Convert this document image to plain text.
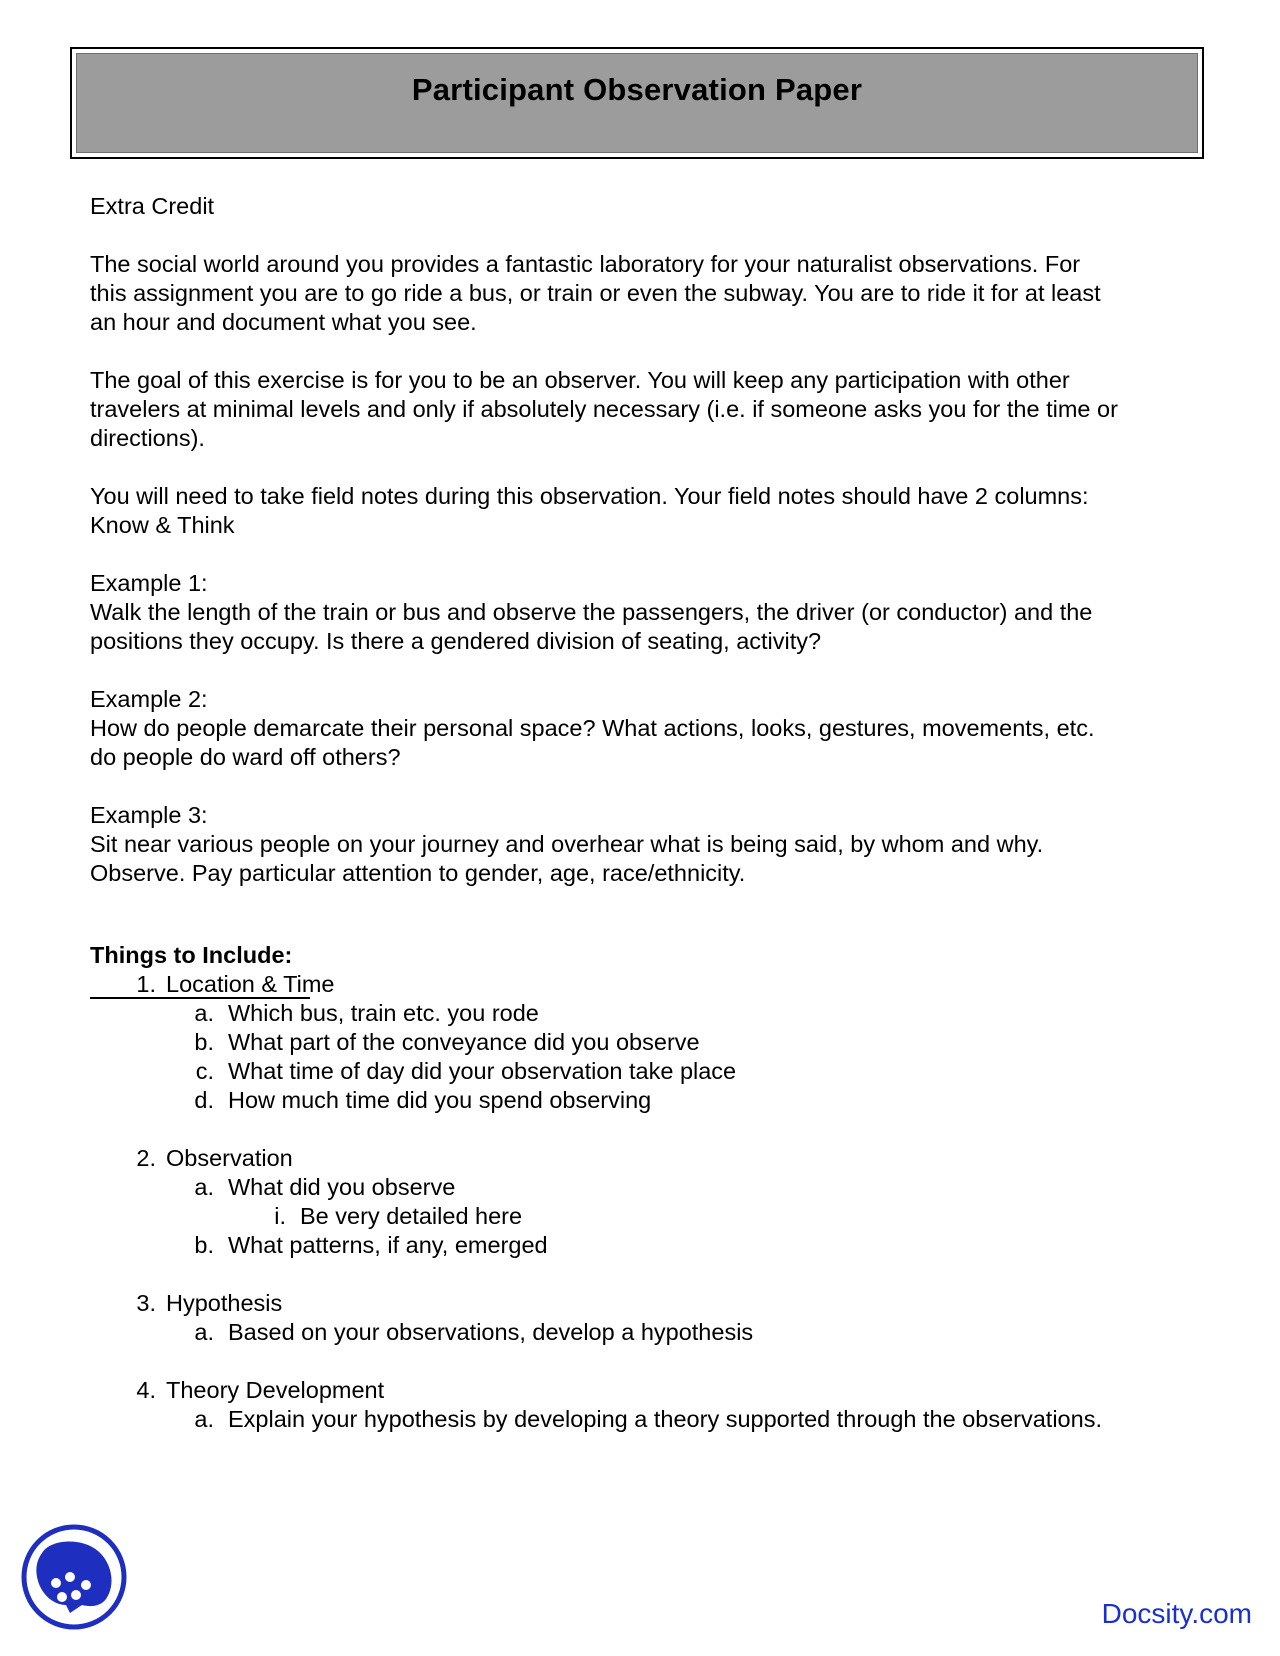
Participant Observation Paper

Extra Credit

The social world around you provides a fantastic laboratory for your naturalist observations. For
this assignment you are to go ride a bus, or train or even the subway. You are to ride it for at least
an hour and document what you see.

The goal of this exercise is for you to be an observer. You will keep any participation with other
travelers at minimal levels and only if absolutely necessary (i.e. if someone asks you for the time or
directions).

You will need to take field notes during this observation. Your field notes should have 2 columns:
Know & Think

Example 1:
Walk the length of the train or bus and observe the passengers, the driver (or conductor) and the
positions they occupy. Is there a gendered division of seating, activity?

Example 2:
How do people demarcate their personal space? What actions, looks, gestures, movements, etc.
do people do ward off others?

Example 3:
Sit near various people on your journey and overhear what is being said, by whom and why.
Observe. Pay particular attention to gender, age, race/ethnicity.

Things to Include:
1. Location & Time
a. Which bus, train etc. you rode
b. What part of the conveyance did you observe
c. What time of day did your observation take place
d. How much time did you spend observing
2. Observation
a. What did you observe
i. Be very detailed here
b. What patterns, if any, emerged
3. Hypothesis
a. Based on your observations, develop a hypothesis
4. Theory Development
a. Explain your hypothesis by developing a theory supported through the observations.
Docsity.com
